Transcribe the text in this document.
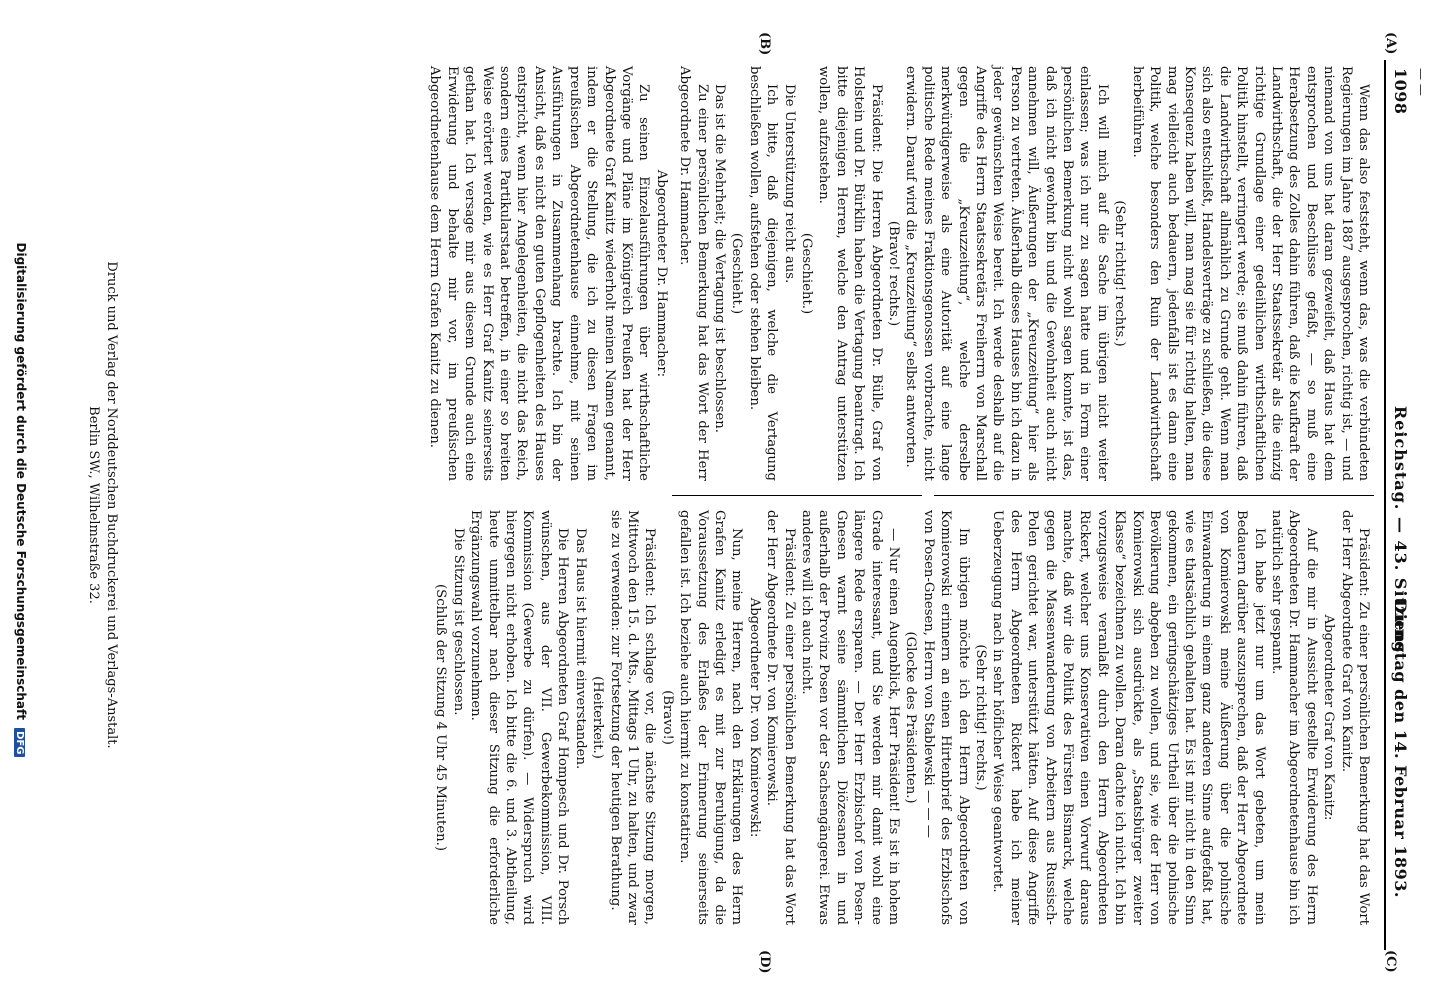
— —
1098
Reichstag. — 43. Sitzung.
Dienstag den 14. Februar 1893.
(A)
(B)
(C)
(D)

Wenn das also feststeht, wenn das, was die verbündeten Regierungen im Jahre 1887 ausgesprochen, richtig ist, — und niemand von uns hat daran gezweifelt, daß Haus hat dem entsprochen und Beschlüsse gefaßt, — so muß eine Herabsetzung des Zolles dahin führen, daß die Kaufkraft der Landwirthschaft, die der Herr Staatssekretär als die einzig richtige Grundlage einer gedeihlichen wirthschaftlichen Politik hinstellt, verringert werde; sie muß dahin führen, daß die Landwirthschaft allmählich zu Grunde geht. Wenn man sich also entschließt, Handelsverträge zu schließen, die diese Konsequenz haben will, man mag sie für richtig halten, man mag vielleicht auch bedauern, jedenfalls ist es dann eine Politik, welche besonders den Ruin der Landwirthschaft herbeiführen.

(Sehr richtig! rechts.)

Ich will mich auf die Sache im übrigen nicht weiter einlassen; was ich nur zu sagen hatte und in Form einer persönlichen Bemerkung nicht wohl sagen konnte, ist das, daß ich nicht gewohnt bin und die Gewohnheit auch nicht annehmen will, Äußerungen der „Kreuzzeitung“ hier als Person zu vertreten. Äußerhalb dieses Hauses bin ich dazu in jeder gewünschten Weise bereit. Ich werde deshalb auf die Angriffe des Herrn Staatssekretärs Freiherrn von Marschall gegen die „Kreuzzeitung“, welche derselbe merkwürdigerweise als eine Autorität auf eine lange politische Rede meines Fraktionsgenossen vorbrachte, nicht erwidern. Darauf wird die „Kreuzzeitung“ selbst antworten.

(Bravo! rechts.)

Präsident: Die Herren Abgeordneten Dr. Bülle, Graf von Holstein und Dr. Bürklin haben die Vertagung beantragt. Ich bitte diejenigen Herren, welche den Antrag unterstützen wollen, aufzustehen.

(Geschieht.)

Die Unterstützung reicht aus.

Ich bitte, daß diejenigen, welche die Vertagung beschließen wollen, aufstehen oder stehen bleiben.

(Geschieht.)

Das ist die Mehrheit; die Vertagung ist beschlossen.

Zu einer persönlichen Bemerkung hat das Wort der Herr Abgeordnete Dr. Hammacher.

Abgeordneter Dr. Hammacher:

Zu seinen Einzelausführungen über wirthschaftliche Vorgänge und Pläne im Königreich Preußen hat der Herr Abgeordnete Graf Kanitz wiederholt meinen Namen genannt, indem er die Stellung, die ich zu diesen Fragen im preußischen Abgeordnetenhause einnehme, mit seinen Ausführungen in Zusammenhang brachte. Ich bin der Ansicht, daß es nicht den guten Gepflogenheiten des Hauses entspricht, wenn hier Angelegenheiten, die nicht das Reich, sondern eines Partikularstaat betreffen, in einer so breiten Weise erörtert werden, wie es Herr Graf Kanitz seinerseits gethan hat. Ich versage mir aus diesem Grunde auch eine Erwiderung und behalte mir vor, im preußischen Abgeordnetenhause dem Herrn Grafen Kanitz zu dienen.

Präsident: Zu einer persönlichen Bemerkung hat das Wort der Herr Abgeordnete Graf von Kanitz.

Abgeordneter Graf von Kanitz:

Auf die mir in Aussicht gestellte Erwiderung des Herrn Abgeordneten Dr. Hammacher im Abgeordnetenhause bin ich natürlich sehr gespannt.

Ich habe jetzt nur um das Wort gebeten, um mein Bedauern darüber auszusprechen, daß der Herr Abgeordnete von Komierowski meine Äußerung über die polnische Einwanderung in einem ganz anderen Sinne aufgefaßt hat, wie es thatsächlich gehalten hat. Es ist mir nicht in den Sinn gekommen, ein geringschätziges Urtheil über die polnische Bevölkerung abgeben zu wollen, und sie, wie der Herr von Komierowski sich ausdrückte, als „Staatsbürger zweiter Klasse“ bezeichnen zu wollen. Daran dachte ich nicht. Ich bin vorzugsweise veranlaßt durch den Herrn Abgeordneten Rickert, welcher uns Konservativen einen Vorwurf daraus machte, daß wir die Politik des Fürsten Bismarck, welche gegen die Massenwanderung von Arbeitern aus Russisch-Polen gerichtet war, unterstützt hätten. Auf diese Angriffe des Herrn Abgeordneten Rickert habe ich meiner Ueberzeugung nach in sehr höflicher Weise geantwortet.

(Sehr richtig! rechts.)

Im übrigen möchte ich den Herrn Abgeordneten von Komierowski erinnern an einen Hirtenbrief des Erzbischofs von Posen-Gnesen, Herrn von Stablewski — — —

(Glocke des Präsidenten.)

— Nur einen Augenblick, Herr Präsident! Es ist in hohem Grade interessant, und Sie werden mir damit wohl eine längere Rede ersparen. — Der Herr Erzbischof von Posen-Gnesen warnt seine sämmtlichen Diözesanen in und außerhalb der Provinz Posen vor der Sachsengängerei. Etwas anderes will ich auch nicht.

Präsident: Zu einer persönlichen Bemerkung hat das Wort der Herr Abgeordnete Dr. von Komierowski.

Abgeordneter Dr. von Komierowski:

Nun, meine Herren, nach den Erklärungen des Herrn Grafen Kanitz erledigt es mit zur Beruhigung, da die Voraussetzung des Erlaßes der Erinnerung seinerseits gefallen ist. Ich beziehe auch hiermit zu konstatiren.

(Bravo!)

Präsident: Ich schlage vor, die nächste Sitzung morgen, Mittwoch den 15. d. Mts., Mittags 1 Uhr, zu halten, und zwar sie zu verwenden: zur Fortsetzung der heutigen Berathung.

(Heiterkeit.)

Das Haus ist hiermit einverstanden.

Die Herren Abgeordneten Graf Hompesch und Dr. Porsch wünschen, aus der VII. Gewerbekommission, VIII. Kommission (Gewerbe zu dürfen). — Widerspruch wird hiergegen nicht erhoben. Ich bitte die 6. und 3. Abtheilung, heute unmittelbar nach dieser Sitzung die erforderliche Ergänzungswahl vorzunehmen.

Die Sitzung ist geschlossen.

(Schluß der Sitzung 4 Uhr 45 Minuten.)

Druck und Verlag der Norddeutschen Buchdruckerei und Verlags-Anstalt.
Berlin SW., Wilhelmstraße 32.
Digitalisierung gefördert durch die Deutsche Forschungsgemeinschaft DFG
